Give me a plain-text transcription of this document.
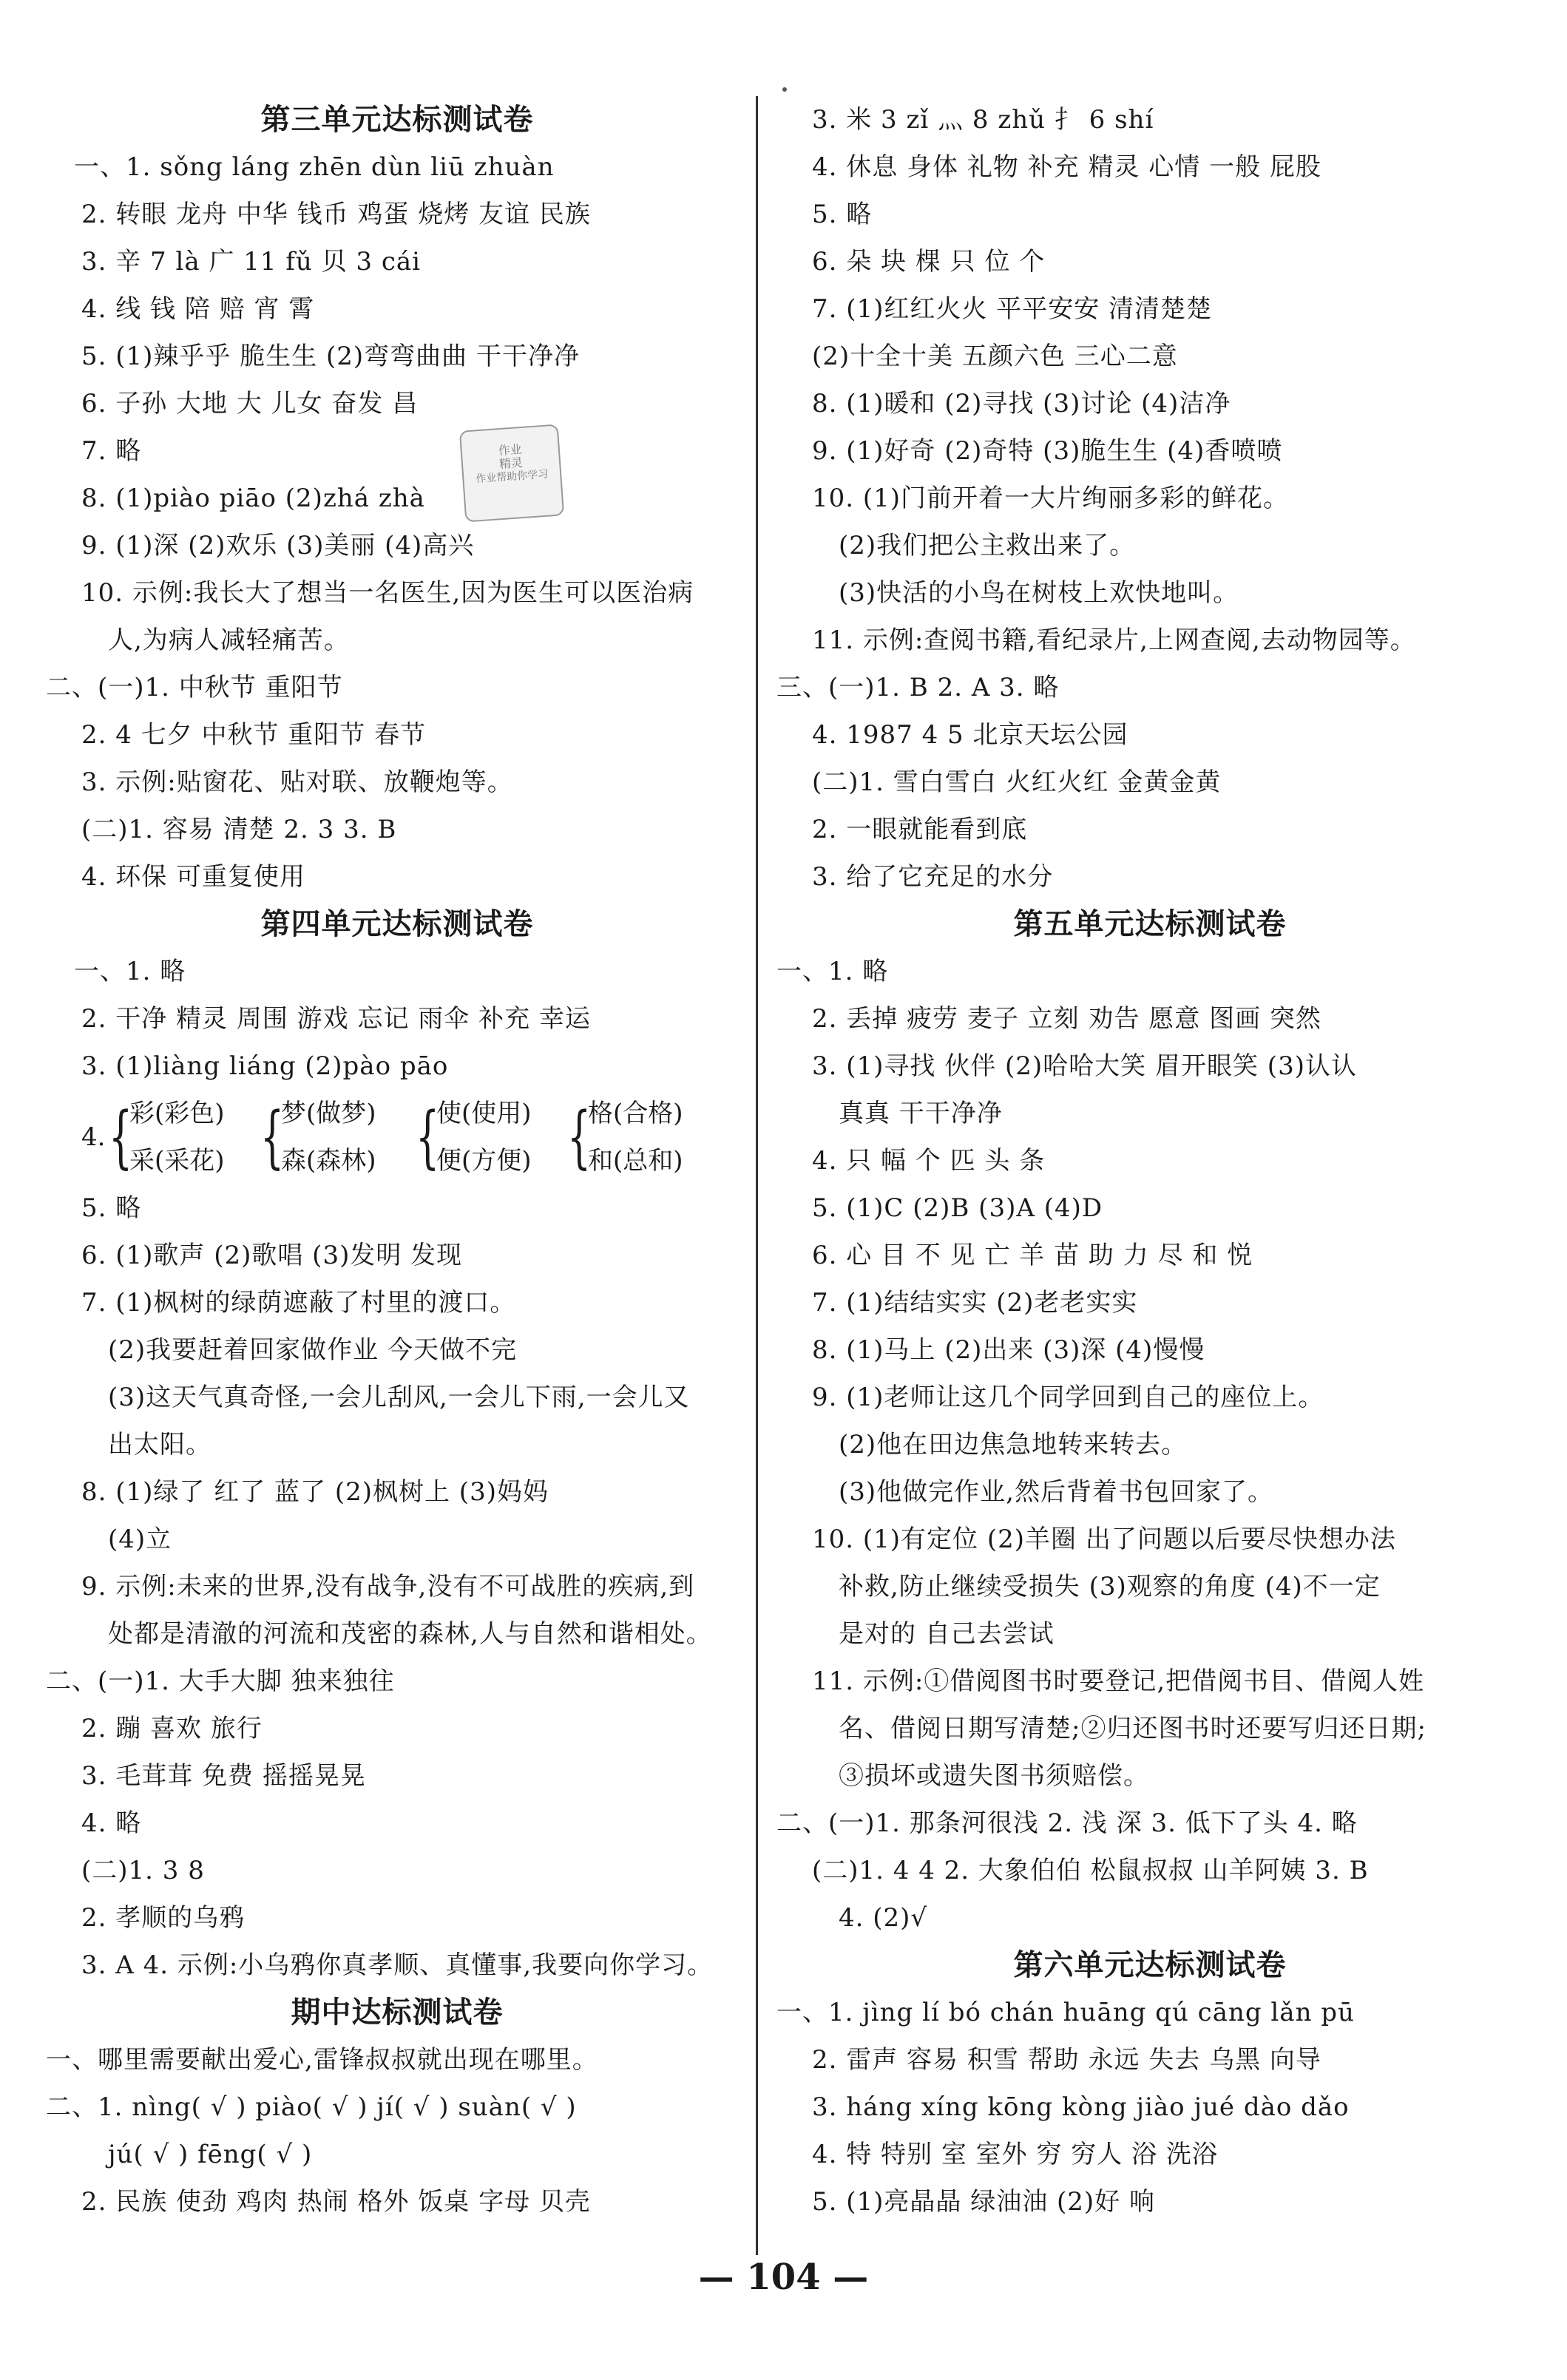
第三单元达标测试卷
一、1. sǒng láng zhēn dùn liū zhuàn
2. 转眼 龙舟 中华 钱币 鸡蛋 烧烤 友谊 民族
3. 辛 7 là 广 11 fǔ 贝 3 cái
4. 线 钱 陪 赔 宵 霄
5. (1)辣乎乎 脆生生 (2)弯弯曲曲 干干净净
6. 子孙 大地 大 儿女 奋发 昌
7. 略
8. (1)piào piāo (2)zhá zhà
9. (1)深 (2)欢乐 (3)美丽 (4)高兴
10. 示例:我长大了想当一名医生,因为医生可以医治病
人,为病人减轻痛苦。
二、(一)1. 中秋节 重阳节
2. 4 七夕 中秋节 重阳节 春节
3. 示例:贴窗花、贴对联、放鞭炮等。
(二)1. 容易 清楚 2. 3 3. B
4. 环保 可重复使用
第四单元达标测试卷
一、1. 略
2. 干净 精灵 周围 游戏 忘记 雨伞 补充 幸运
3. (1)liàng liáng (2)pào pāo
4. {
彩(彩色)
采(采花) {
梦(做梦)
森(森林) {
使(使用)
便(方便) {
格(合格)
和(总和)
5. 略
6. (1)歌声 (2)歌唱 (3)发明 发现
7. (1)枫树的绿荫遮蔽了村里的渡口。
(2)我要赶着回家做作业 今天做不完
(3)这天气真奇怪,一会儿刮风,一会儿下雨,一会儿又
出太阳。
8. (1)绿了 红了 蓝了 (2)枫树上 (3)妈妈
(4)立
9. 示例:未来的世界,没有战争,没有不可战胜的疾病,到
处都是清澈的河流和茂密的森林,人与自然和谐相处。
二、(一)1. 大手大脚 独来独往
2. 蹦 喜欢 旅行
3. 毛茸茸 免费 摇摇晃晃
4. 略
(二)1. 3 8
2. 孝顺的乌鸦
3. A 4. 示例:小乌鸦你真孝顺、真懂事,我要向你学习。
期中达标测试卷
一、哪里需要献出爱心,雷锋叔叔就出现在哪里。
二、1. nìng( √ ) piào( √ ) jí( √ ) suàn( √ )
jú( √ ) fēng( √ )
2. 民族 使劲 鸡肉 热闹 格外 饭桌 字母 贝壳
作业
精灵
作业帮助你学习
3. 米 3 zǐ 灬 8 zhǔ 扌 6 shí
4. 休息 身体 礼物 补充 精灵 心情 一般 屁股
5. 略
6. 朵 块 棵 只 位 个
7. (1)红红火火 平平安安 清清楚楚
(2)十全十美 五颜六色 三心二意
8. (1)暖和 (2)寻找 (3)讨论 (4)洁净
9. (1)好奇 (2)奇特 (3)脆生生 (4)香喷喷
10. (1)门前开着一大片绚丽多彩的鲜花。
(2)我们把公主救出来了。
(3)快活的小鸟在树枝上欢快地叫。
11. 示例:查阅书籍,看纪录片,上网查阅,去动物园等。
三、(一)1. B 2. A 3. 略
4. 1987 4 5 北京天坛公园
(二)1. 雪白雪白 火红火红 金黄金黄
2. 一眼就能看到底
3. 给了它充足的水分
第五单元达标测试卷
一、1. 略
2. 丢掉 疲劳 麦子 立刻 劝告 愿意 图画 突然
3. (1)寻找 伙伴 (2)哈哈大笑 眉开眼笑 (3)认认
真真 干干净净
4. 只 幅 个 匹 头 条
5. (1)C (2)B (3)A (4)D
6. 心 目 不 见 亡 羊 苗 助 力 尽 和 悦
7. (1)结结实实 (2)老老实实
8. (1)马上 (2)出来 (3)深 (4)慢慢
9. (1)老师让这几个同学回到自己的座位上。
(2)他在田边焦急地转来转去。
(3)他做完作业,然后背着书包回家了。
10. (1)有定位 (2)羊圈 出了问题以后要尽快想办法
补救,防止继续受损失 (3)观察的角度 (4)不一定
是对的 自己去尝试
11. 示例:①借阅图书时要登记,把借阅书目、借阅人姓
名、借阅日期写清楚;②归还图书时还要写归还日期;
③损坏或遗失图书须赔偿。
二、(一)1. 那条河很浅 2. 浅 深 3. 低下了头 4. 略
(二)1. 4 4 2. 大象伯伯 松鼠叔叔 山羊阿姨 3. B
4. (2)√
第六单元达标测试卷
一、1. jìng lí bó chán huāng qú cāng lǎn pū
2. 雷声 容易 积雪 帮助 永远 失去 乌黑 向导
3. háng xíng kōng kòng jiào jué dào dǎo
4. 特 特别 室 室外 穷 穷人 浴 洗浴
5. (1)亮晶晶 绿油油 (2)好 响
— 104 —
